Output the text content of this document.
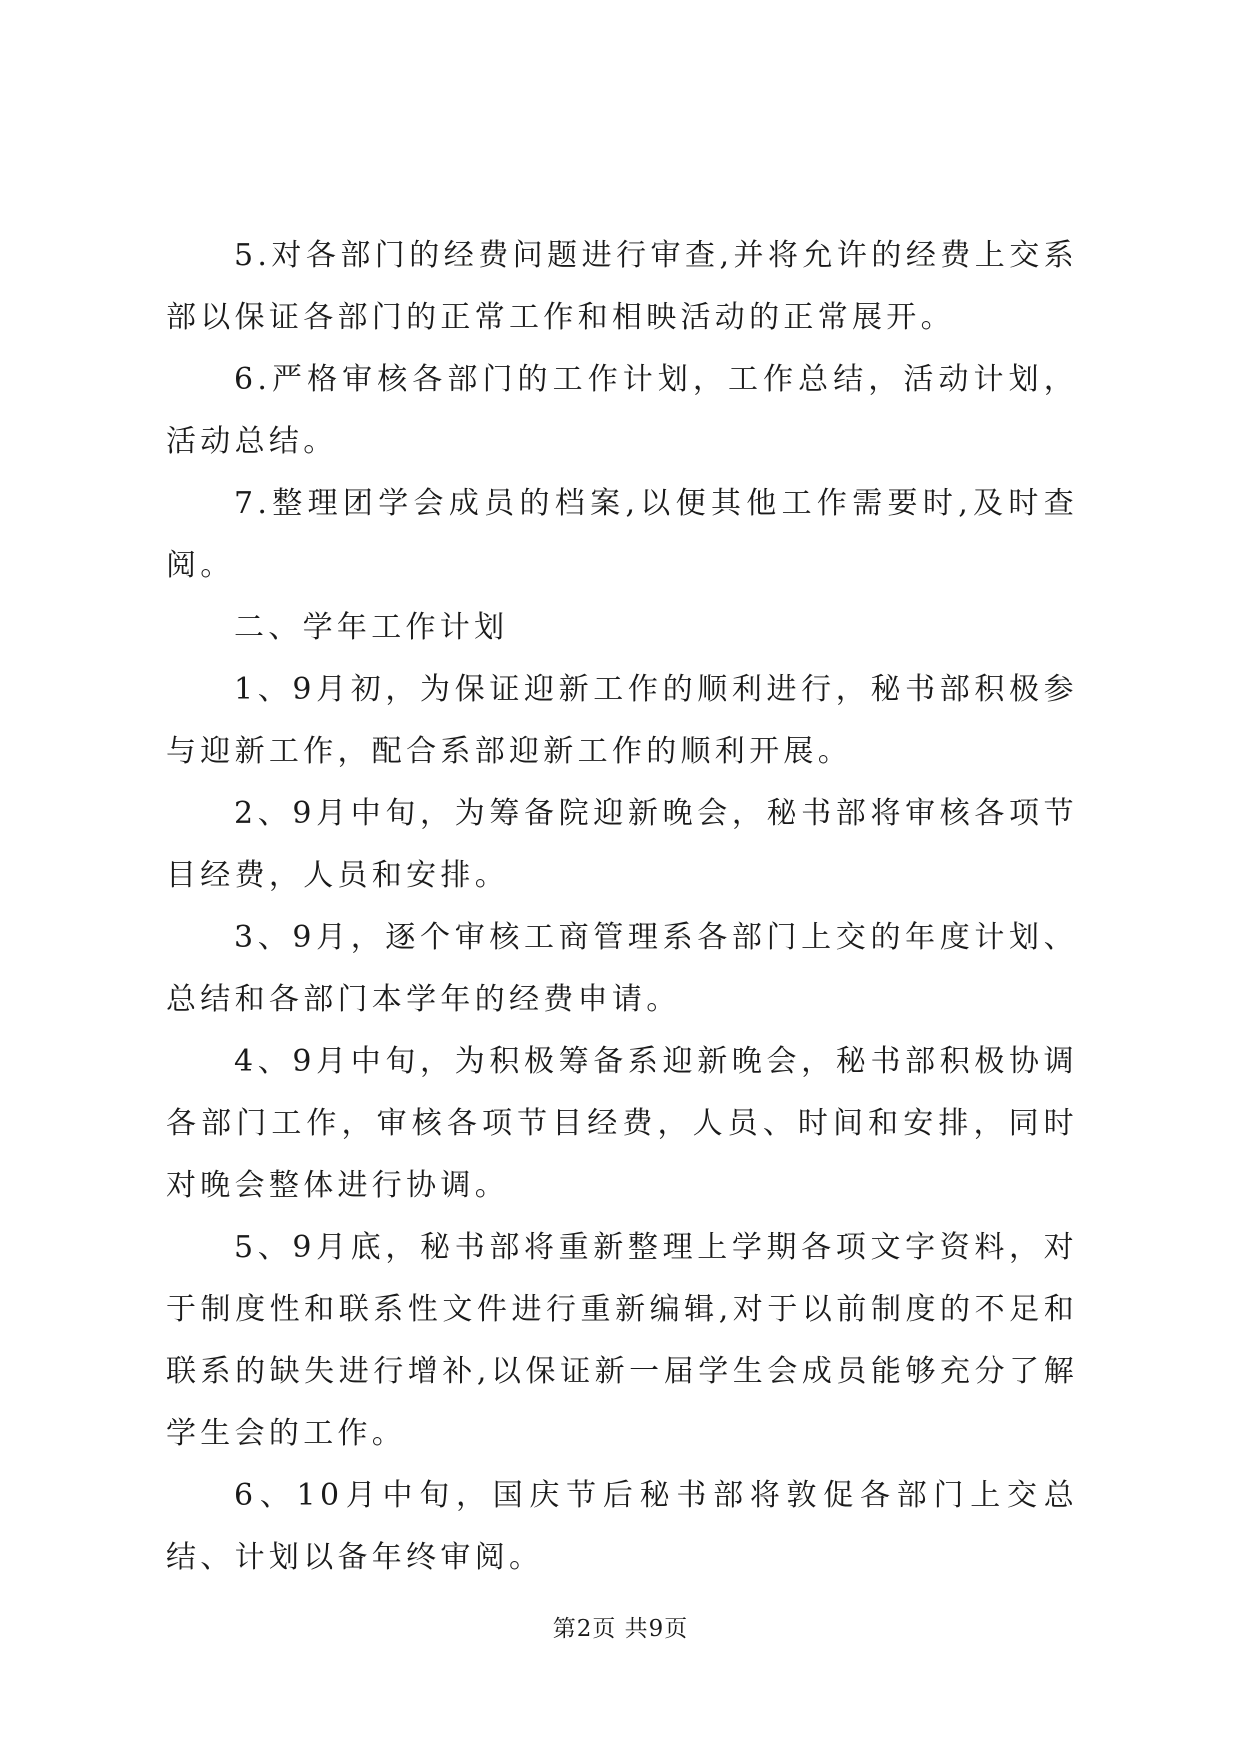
5.对各部门的经费问题进行审查,并将允许的经费上交系部以保证各部门的正常工作和相映活动的正常展开。

6.严格审核各部门的工作计划，工作总结，活动计划，活动总结。

7.整理团学会成员的档案,以便其他工作需要时,及时查阅。

二、学年工作计划

1、9月初，为保证迎新工作的顺利进行，秘书部积极参与迎新工作，配合系部迎新工作的顺利开展。

2、9月中旬，为筹备院迎新晚会，秘书部将审核各项节目经费，人员和安排。

3、9月，逐个审核工商管理系各部门上交的年度计划、总结和各部门本学年的经费申请。

4、9月中旬，为积极筹备系迎新晚会，秘书部积极协调各部门工作，审核各项节目经费，人员、时间和安排，同时对晚会整体进行协调。

5、9月底，秘书部将重新整理上学期各项文字资料，对于制度性和联系性文件进行重新编辑,对于以前制度的不足和联系的缺失进行增补,以保证新一届学生会成员能够充分了解学生会的工作。

6、10月中旬，国庆节后秘书部将敦促各部门上交总结、计划以备年终审阅。

第2页 共9页
